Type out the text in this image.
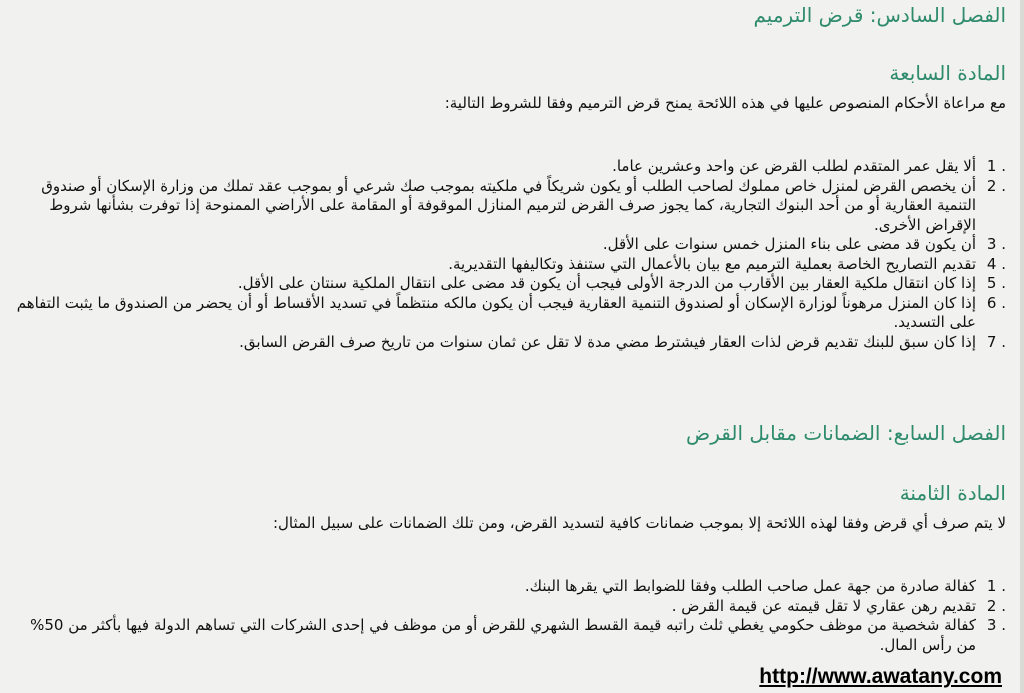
الفصل السادس: قرض الترميم
المادة السابعة

مع مراعاة الأحكام المنصوص عليها في هذه اللائحة يمنح قرض الترميم وفقا للشروط التالية:

1 .
ألا يقل عمر المتقدم لطلب القرض عن واحد وعشرين عاما.
2 .
أن يخصص القرض لمنزل خاص مملوك لصاحب الطلب أو يكون شريكاً في ملكيته بموجب صك شرعي أو بموجب عقد تملك من وزارة الإسكان أو صندوق التنمية العقارية أو من أحد البنوك التجارية، كما يجوز صرف القرض لترميم المنازل الموقوفة أو المقامة على الأراضي الممنوحة إذا توفرت بشأنها شروط الإقراض الأخرى.
3 .
أن يكون قد مضى على بناء المنزل خمس سنوات على الأقل.
4 .
تقديم التصاريح الخاصة بعملية الترميم مع بيان بالأعمال التي ستنفذ وتكاليفها التقديرية.
5 .
إذا كان انتقال ملكية العقار بين الأقارب من الدرجة الأولى فيجب أن يكون قد مضى على انتقال الملكية سنتان على الأقل.
6 .
إذا كان المنزل مرهوناً لوزارة الإسكان أو لصندوق التنمية العقارية فيجب أن يكون مالكه منتظماً في تسديد الأقساط أو أن يحضر من الصندوق ما يثبت التفاهم على التسديد.
7 .
إذا كان سبق للبنك تقديم قرض لذات العقار فيشترط مضي مدة لا تقل عن ثمان سنوات من تاريخ صرف القرض السابق.
الفصل السابع: الضمانات مقابل القرض
المادة الثامنة

لا يتم صرف أي قرض وفقا لهذه اللائحة إلا بموجب ضمانات كافية لتسديد القرض، ومن تلك الضمانات على سبيل المثال:

1 .
كفالة صادرة من جهة عمل صاحب الطلب وفقا للضوابط التي يقرها البنك.
2 .
تقديم رهن عقاري لا تقل قيمته عن قيمة القرض .
3 .
كفالة شخصية من موظف حكومي يغطي ثلث راتبه قيمة القسط الشهري للقرض أو من موظف في إحدى الشركات التي تساهم الدولة فيها بأكثر من 50% من رأس المال.
http://www.awatany.com
